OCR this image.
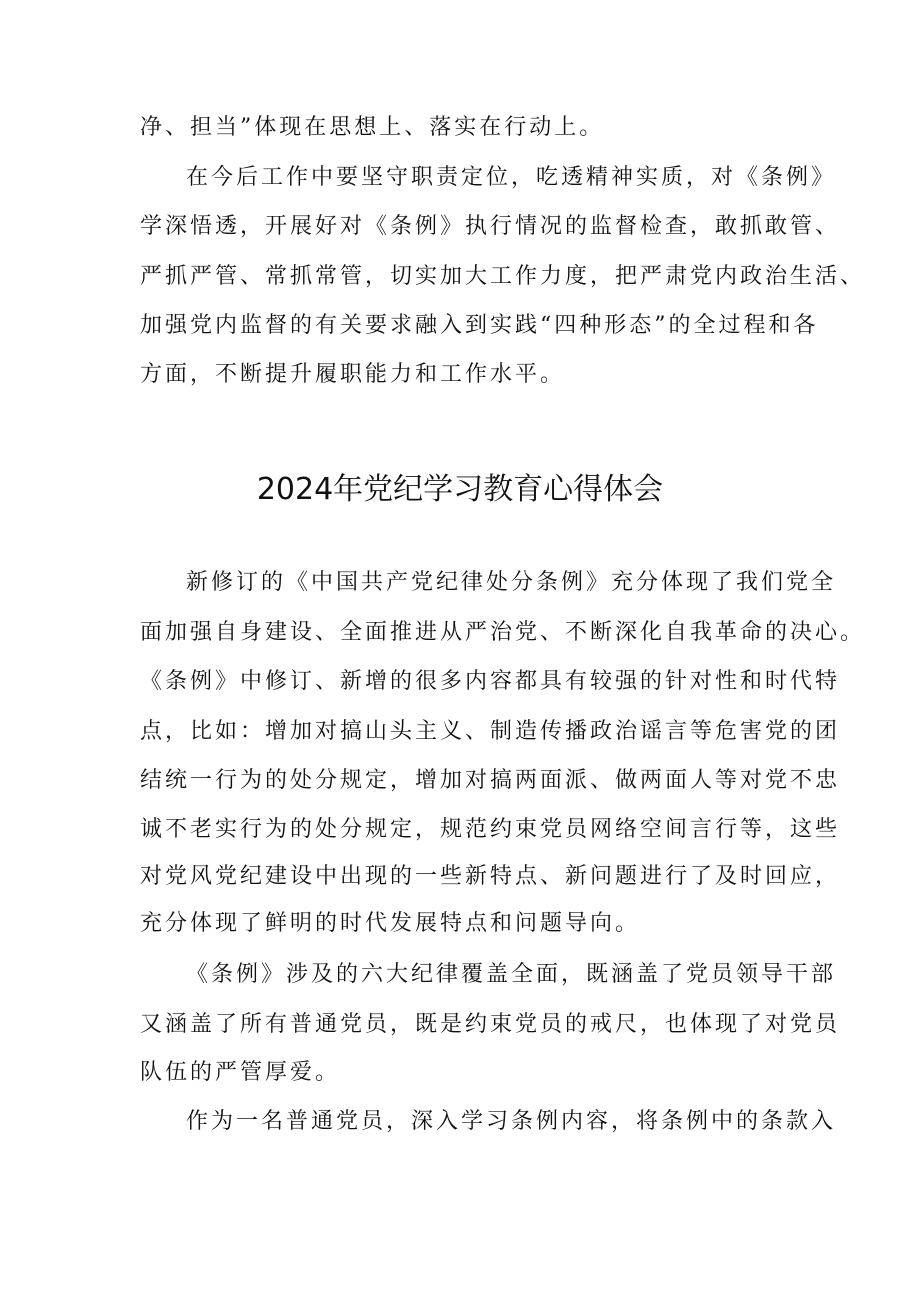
净、担当”体现在思想上、落实在行动上。
在今后工作中要坚守职责定位，吃透精神实质，对《条例》
学深悟透，开展好对《条例》执行情况的监督检查，敢抓敢管、
严抓严管、常抓常管，切实加大工作力度，把严肃党内政治生活、
加强党内监督的有关要求融入到实践“四种形态”的全过程和各
方面，不断提升履职能力和工作水平。
2024年党纪学习教育心得体会
新修订的《中国共产党纪律处分条例》充分体现了我们党全
面加强自身建设、全面推进从严治党、不断深化自我革命的决心。
《条例》中修订、新增的很多内容都具有较强的针对性和时代特
点，比如：增加对搞山头主义、制造传播政治谣言等危害党的团
结统一行为的处分规定，增加对搞两面派、做两面人等对党不忠
诚不老实行为的处分规定，规范约束党员网络空间言行等，这些
对党风党纪建设中出现的一些新特点、新问题进行了及时回应，
充分体现了鲜明的时代发展特点和问题导向。
《条例》涉及的六大纪律覆盖全面，既涵盖了党员领导干部
又涵盖了所有普通党员，既是约束党员的戒尺，也体现了对党员
队伍的严管厚爱。
作为一名普通党员，深入学习条例内容，将条例中的条款入
